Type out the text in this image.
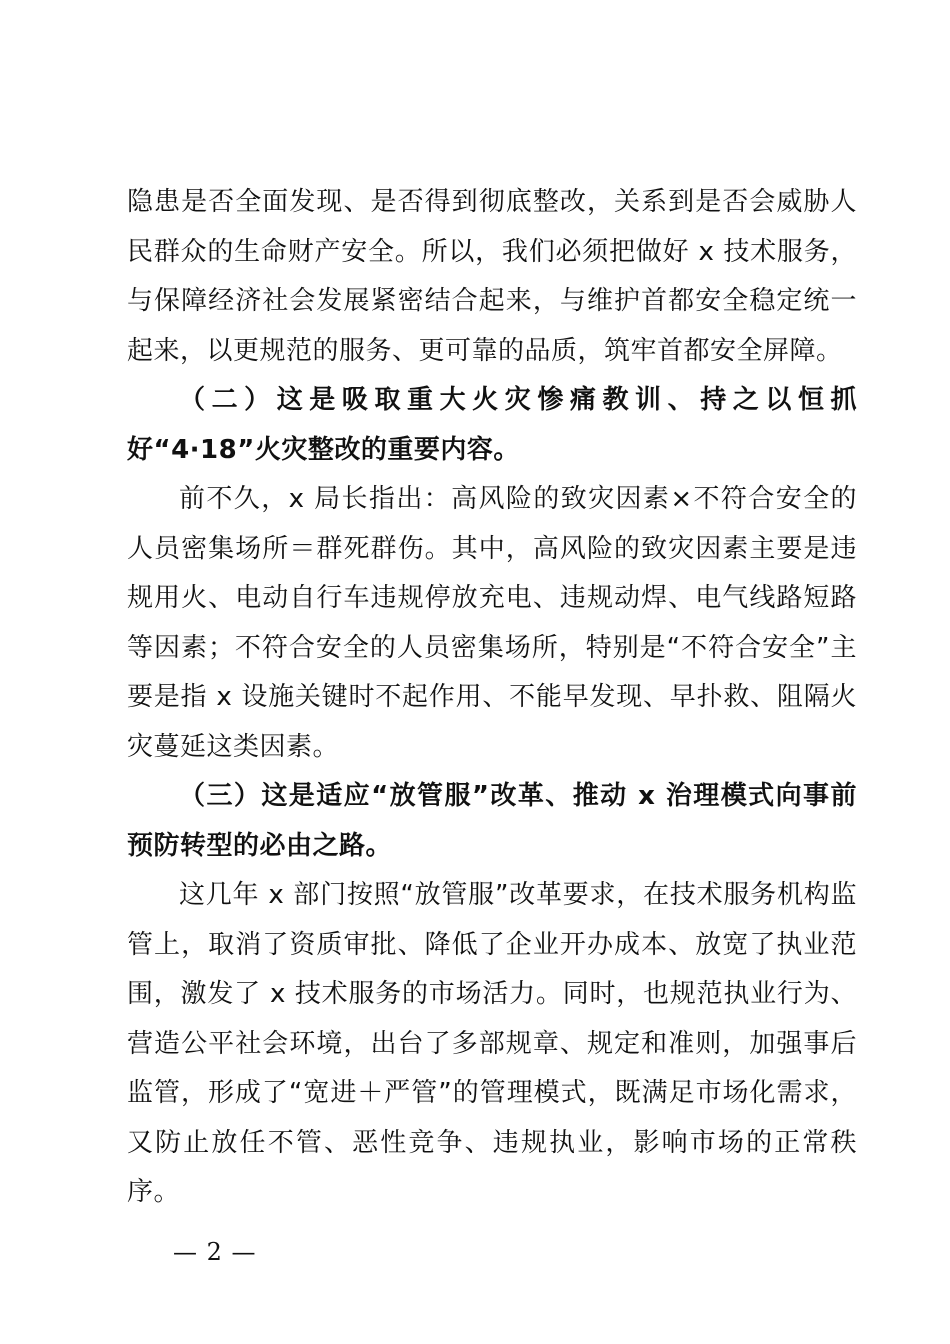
隐患是否全面发现、是否得到彻底整改，关系到是否会威胁人民群众的生命财产安全。所以，我们必须把做好 x 技术服务，与保障经济社会发展紧密结合起来，与维护首都安全稳定统一起来，以更规范的服务、更可靠的品质，筑牢首都安全屏障。

（二）这是吸取重大火灾惨痛教训、持之以恒抓好“4·18”火灾整改的重要内容。

前不久，x 局长指出：高风险的致灾因素×不符合安全的人员密集场所＝群死群伤。其中，高风险的致灾因素主要是违规用火、电动自行车违规停放充电、违规动焊、电气线路短路等因素；不符合安全的人员密集场所，特别是“不符合安全”主要是指 x 设施关键时不起作用、不能早发现、早扑救、阻隔火灾蔓延这类因素。

（三）这是适应“放管服”改革、推动 x 治理模式向事前预防转型的必由之路。

这几年 x 部门按照“放管服”改革要求，在技术服务机构监管上，取消了资质审批、降低了企业开办成本、放宽了执业范围，激发了 x 技术服务的市场活力。同时，也规范执业行为、营造公平社会环境，出台了多部规章、规定和准则，加强事后监管，形成了“宽进＋严管”的管理模式，既满足市场化需求，又防止放任不管、恶性竞争、违规执业，影响市场的正常秩序。

— 2 —
